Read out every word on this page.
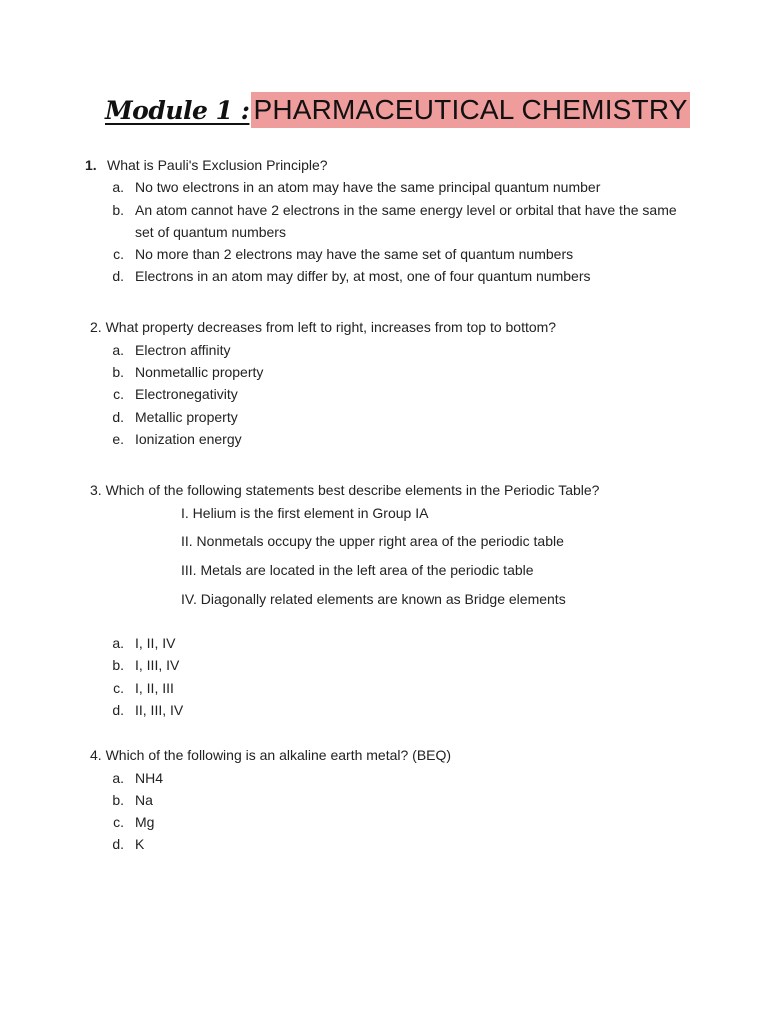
Module 1 : PHARMACEUTICAL CHEMISTRY
1. What is Pauli's Exclusion Principle?
a. No two electrons in an atom may have the same principal quantum number
b. An atom cannot have 2 electrons in the same energy level or orbital that have the same
set of quantum numbers
c. No more than 2 electrons may have the same set of quantum numbers
d. Electrons in an atom may differ by, at most, one of four quantum numbers
2. What property decreases from left to right, increases from top to bottom?
a. Electron affinity
b. Nonmetallic property
c. Electronegativity
d. Metallic property
e. Ionization energy
3. Which of the following statements best describe elements in the Periodic Table?
I. Helium is the first element in Group IA
II. Nonmetals occupy the upper right area of the periodic table
III. Metals are located in the left area of the periodic table
IV. Diagonally related elements are known as Bridge elements
a. I, II, IV
b. I, III, IV
c. I, II, III
d. II, III, IV
4. Which of the following is an alkaline earth metal? (BEQ)
a. NH4
b. Na
c. Mg
d. K
